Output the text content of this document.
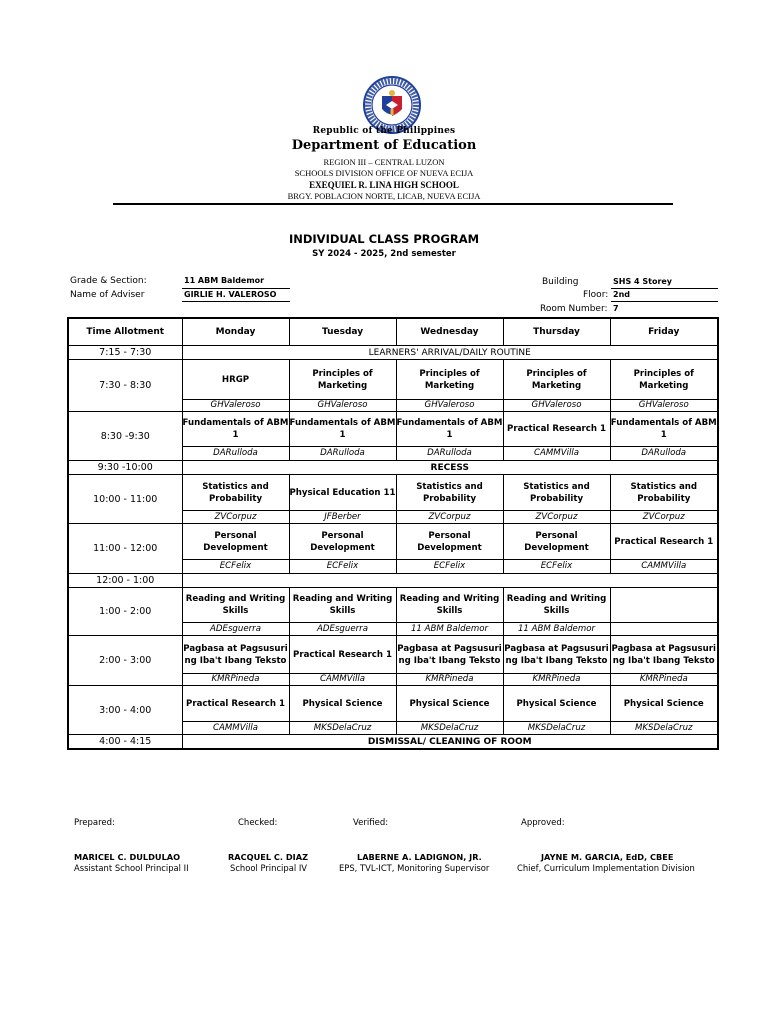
Republic of the Philippines
Department of Education
REGION III – CENTRAL LUZON
SCHOOLS DIVISION OFFICE OF NUEVA ECIJA
EXEQUIEL R. LINA HIGH SCHOOL
BRGY. POBLACION NORTE, LICAB, NUEVA ECIJA
INDIVIDUAL CLASS PROGRAM
SY 2024 - 2025, 2nd semester
Grade & Section:	11 ABM Baldemor
Name of Adviser	GIRLIE H. VALEROSO
Building	SHS 4 Storey
Floor: 2nd
Room Number: 7
Time Allotment	Monday	Tuesday	Wednesday	Thursday	Friday
7:15 - 7:30	LEARNERS' ARRIVAL/DAILY ROUTINE				
7:30 - 8:30	HRGP	Principles of Marketing	Principles of Marketing	Principles of Marketing	Principles of Marketing
	GHValeroso	GHValeroso	GHValeroso	GHValeroso	GHValeroso
8:30 -9:30	Fundamentals of ABM 1	Fundamentals of ABM 1	Fundamentals of ABM 1	Practical Research 1	Fundamentals of ABM 1
	DARulloda	DARulloda	DARulloda	CAMMVilla	DARulloda
9:30 -10:00	RECESS				
10:00 - 11:00	Statistics and Probability	Physical Education 11	Statistics and Probability	Statistics and Probability	Statistics and Probability
	ZVCorpuz	JFBerber	ZVCorpuz	ZVCorpuz	ZVCorpuz
11:00 - 12:00	Personal Development	Personal Development	Personal Development	Personal Development	Practical Research 1
	ECFelix	ECFelix	ECFelix	ECFelix	CAMMVilla
12:00 - 1:00					
1:00 - 2:00	Reading and Writing Skills	Reading and Writing Skills	Reading and Writing Skills	Reading and Writing Skills	
	ADEsguerra	ADEsguerra	11 ABM Baldemor	11 ABM Baldemor	
2:00 - 3:00	Pagbasa at Pagsusuri ng Iba't Ibang Teksto	Practical Research 1	Pagbasa at Pagsusuri ng Iba't Ibang Teksto	Pagbasa at Pagsusuri ng Iba't Ibang Teksto	Pagbasa at Pagsusuri ng Iba't Ibang Teksto
	KMRPineda	CAMMVilla	KMRPineda	KMRPineda	KMRPineda
3:00 - 4:00	Practical Research 1	Physical Science	Physical Science	Physical Science	Physical Science
	CAMMVilla	MKSDelaCruz	MKSDelaCruz	MKSDelaCruz	MKSDelaCruz
4:00 - 4:15	DISMISSAL/ CLEANING OF ROOM				
Prepared:	Checked:	Verified:	Approved:
MARICEL C. DULDULAO
Assistant School Principal II
RACQUEL C. DIAZ
School Principal IV
LABERNE A. LADIGNON, JR.
EPS, TVL-ICT, Monitoring Supervisor
JAYNE M. GARCIA, EdD, CBEE
Chief, Curriculum Implementation Division
